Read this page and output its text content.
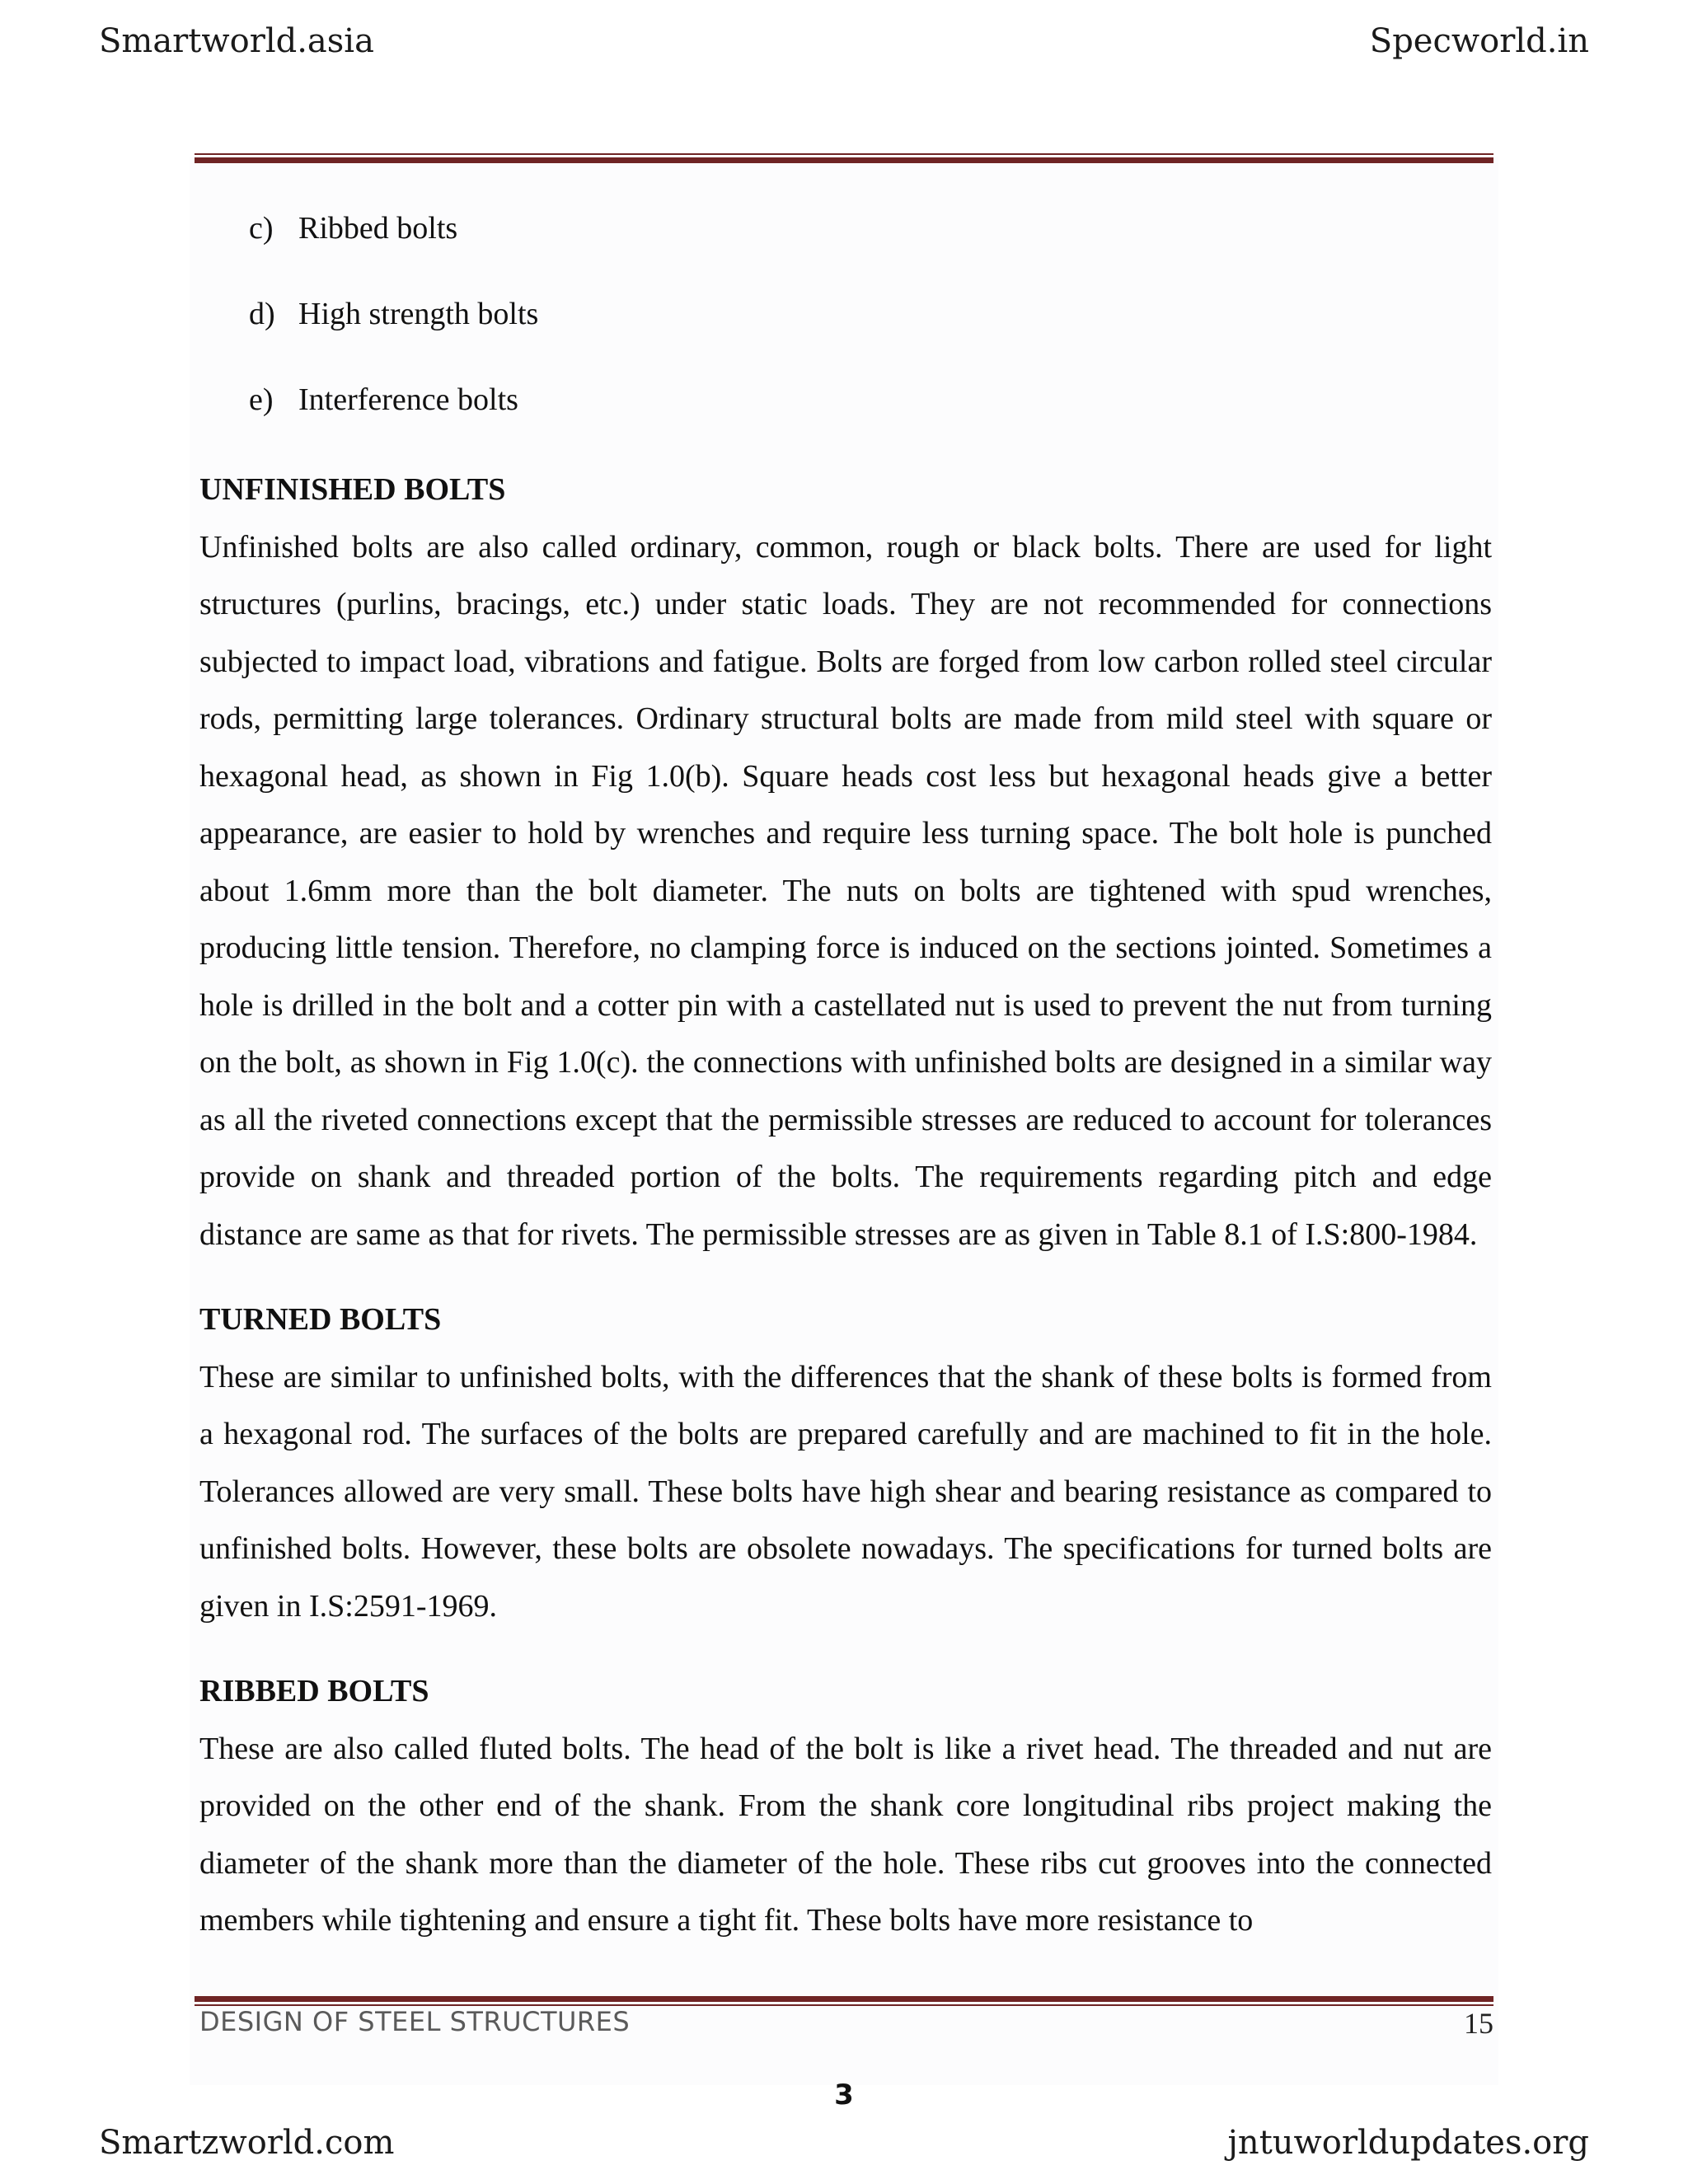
Smartworld.asia	Specworld.in
c) Ribbed bolts
d) High strength bolts
e) Interference bolts
UNFINISHED BOLTS

Unfinished bolts are also called ordinary, common, rough or black bolts. There are used for light structures (purlins, bracings, etc.) under static loads. They are not recommended for connections subjected to impact load, vibrations and fatigue. Bolts are forged from low carbon rolled steel circular rods, permitting large tolerances. Ordinary structural bolts are made from mild steel with square or hexagonal head, as shown in Fig 1.0(b). Square heads cost less but hexagonal heads give a better appearance, are easier to hold by wrenches and require less turning space. The bolt hole is punched about 1.6mm more than the bolt diameter. The nuts on bolts are tightened with spud wrenches, producing little tension. Therefore, no clamping force is induced on the sections jointed. Sometimes a hole is drilled in the bolt and a cotter pin with a castellated nut is used to prevent the nut from turning on the bolt, as shown in Fig 1.0(c). the connections with unfinished bolts are designed in a similar way as all the riveted connections except that the permissible stresses are reduced to account for tolerances provide on shank and threaded portion of the bolts. The requirements regarding pitch and edge distance are same as that for rivets. The permissible stresses are as given in Table 8.1 of I.S:800-1984.

TURNED BOLTS

These are similar to unfinished bolts, with the differences that the shank of these bolts is formed from a hexagonal rod. The surfaces of the bolts are prepared carefully and are machined to fit in the hole. Tolerances allowed are very small. These bolts have high shear and bearing resistance as compared to unfinished bolts. However, these bolts are obsolete nowadays. The specifications for turned bolts are given in I.S:2591-1969.

RIBBED BOLTS

These are also called fluted bolts. The head of the bolt is like a rivet head. The threaded and nut are provided on the other end of the shank. From the shank core longitudinal ribs project making the diameter of the shank more than the diameter of the hole. These ribs cut grooves into the connected members while tightening and ensure a tight fit. These bolts have more resistance to

DESIGN OF STEEL STRUCTURES	15
3
Smartzworld.com	jntuworldupdates.org
